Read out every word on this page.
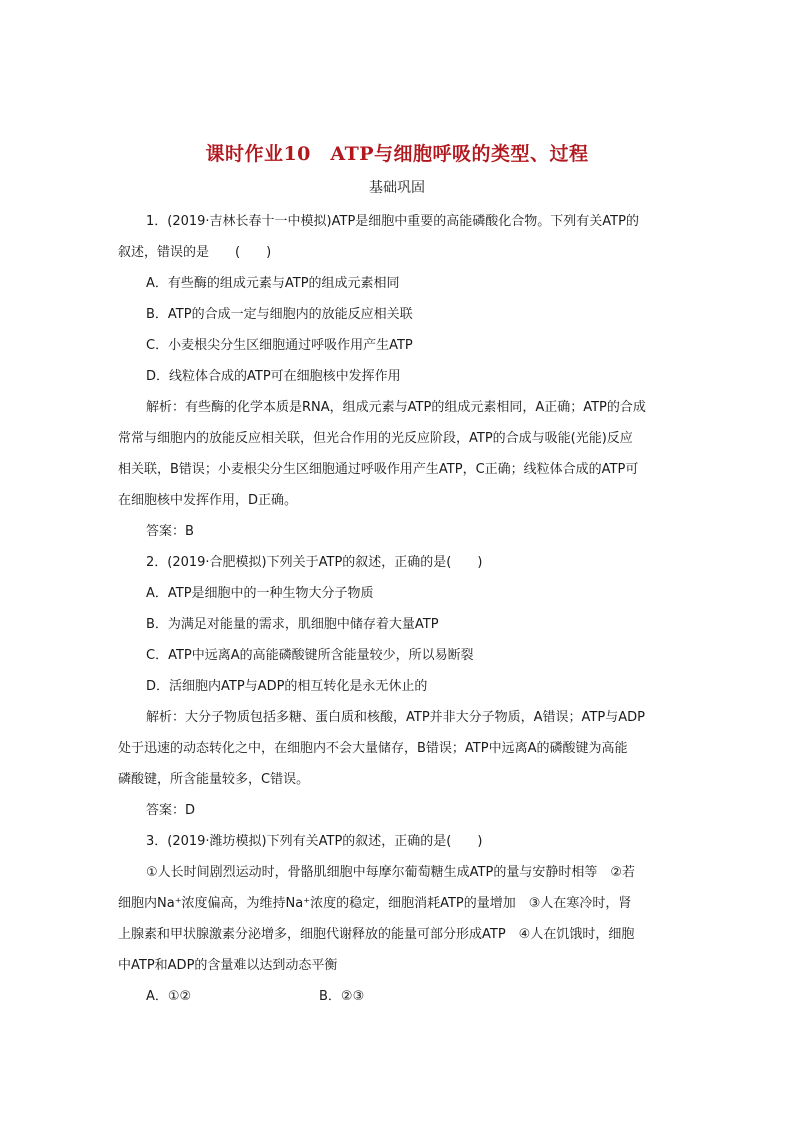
课时作业10　ATP与细胞呼吸的类型、过程
基础巩固
1．(2019·吉林长春十一中模拟)ATP是细胞中重要的高能磷酸化合物。下列有关ATP的
叙述，错误的是　　(　　)
A．有些酶的组成元素与ATP的组成元素相同
B．ATP的合成一定与细胞内的放能反应相关联
C．小麦根尖分生区细胞通过呼吸作用产生ATP
D．线粒体合成的ATP可在细胞核中发挥作用
解析：有些酶的化学本质是RNA，组成元素与ATP的组成元素相同，A正确；ATP的合成
常常与细胞内的放能反应相关联，但光合作用的光反应阶段，ATP的合成与吸能(光能)反应
相关联，B错误；小麦根尖分生区细胞通过呼吸作用产生ATP，C正确；线粒体合成的ATP可
在细胞核中发挥作用，D正确。
答案：B
2．(2019·合肥模拟)下列关于ATP的叙述，正确的是(　　)
A．ATP是细胞中的一种生物大分子物质
B．为满足对能量的需求，肌细胞中储存着大量ATP
C．ATP中远离A的高能磷酸键所含能量较少，所以易断裂
D．活细胞内ATP与ADP的相互转化是永无休止的
解析：大分子物质包括多糖、蛋白质和核酸，ATP并非大分子物质，A错误；ATP与ADP
处于迅速的动态转化之中，在细胞内不会大量储存，B错误；ATP中远离A的磷酸键为高能
磷酸键，所含能量较多，C错误。
答案：D
3．(2019·潍坊模拟)下列有关ATP的叙述，正确的是(　　)
①人长时间剧烈运动时，骨骼肌细胞中每摩尔葡萄糖生成ATP的量与安静时相等　②若
细胞内Na⁺浓度偏高，为维持Na⁺浓度的稳定，细胞消耗ATP的量增加　③人在寒冷时，肾
上腺素和甲状腺激素分泌增多，细胞代谢释放的能量可部分形成ATP　④人在饥饿时，细胞
中ATP和ADP的含量难以达到动态平衡
A．①②	B．②③
